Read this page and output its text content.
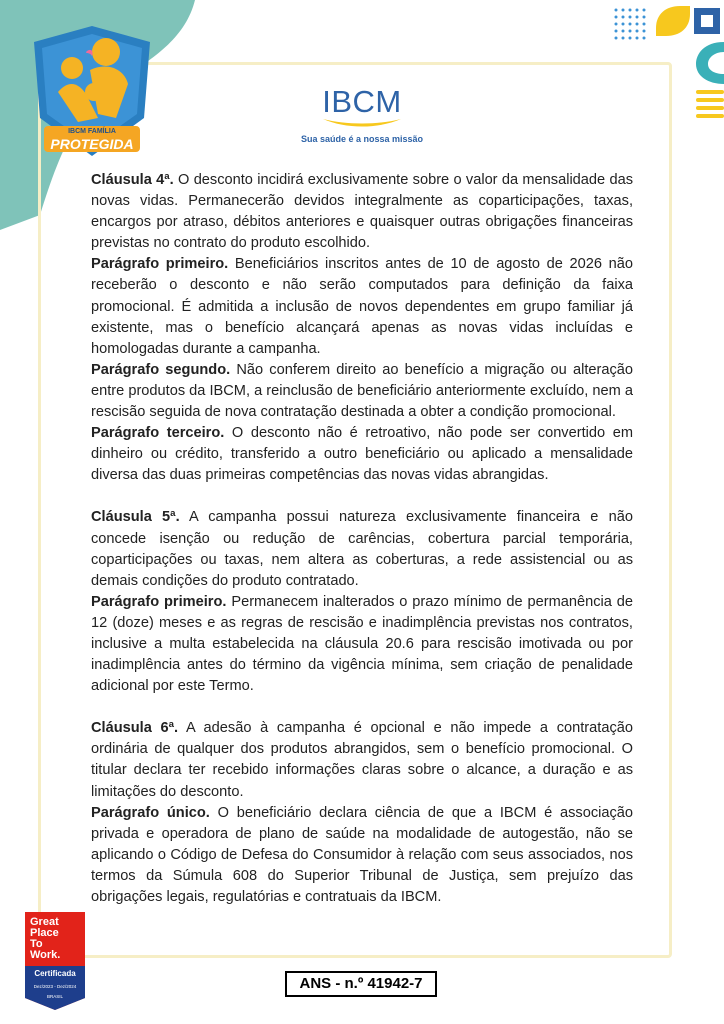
IBCM FAMÍLIA
PROTEGIDA
IBCM
Sua saúde é a nossa missão

Cláusula 4ª. O desconto incidirá exclusivamente sobre o valor da mensalidade das novas vidas. Permanecerão devidos integralmente as coparticipações, taxas, encargos por atraso, débitos anteriores e quaisquer outras obrigações financeiras previstas no contrato do produto escolhido.

Parágrafo primeiro. Beneficiários inscritos antes de 10 de agosto de 2026 não receberão o desconto e não serão computados para definição da faixa promocional. É admitida a inclusão de novos dependentes em grupo familiar já existente, mas o benefício alcançará apenas as novas vidas incluídas e homologadas durante a campanha.

Parágrafo segundo. Não conferem direito ao benefício a migração ou alteração entre produtos da IBCM, a reinclusão de beneficiário anteriormente excluído, nem a rescisão seguida de nova contratação destinada a obter a condição promocional.

Parágrafo terceiro. O desconto não é retroativo, não pode ser convertido em dinheiro ou crédito, transferido a outro beneficiário ou aplicado a mensalidade diversa das duas primeiras competências das novas vidas abrangidas.

Cláusula 5ª. A campanha possui natureza exclusivamente financeira e não concede isenção ou redução de carências, cobertura parcial temporária, coparticipações ou taxas, nem altera as coberturas, a rede assistencial ou as demais condições do produto contratado.

Parágrafo primeiro. Permanecem inalterados o prazo mínimo de permanência de 12 (doze) meses e as regras de rescisão e inadimplência previstas nos contratos, inclusive a multa estabelecida na cláusula 20.6 para rescisão imotivada ou por inadimplência antes do término da vigência mínima, sem criação de penalidade adicional por este Termo.

Cláusula 6ª. A adesão à campanha é opcional e não impede a contratação ordinária de qualquer dos produtos abrangidos, sem o benefício promocional. O titular declara ter recebido informações claras sobre o alcance, a duração e as limitações do desconto.

Parágrafo único. O beneficiário declara ciência de que a IBCM é associação privada e operadora de plano de saúde na modalidade de autogestão, não se aplicando o Código de Defesa do Consumidor à relação com seus associados, nos termos da Súmula 608 do Superior Tribunal de Justiça, sem prejuízo das obrigações legais, regulatórias e contratuais da IBCM.

Great
Place
To
Work.
Certificada
Dez/2023 - Dez/2024
BRASIL
ANS - n.º 41942-7
